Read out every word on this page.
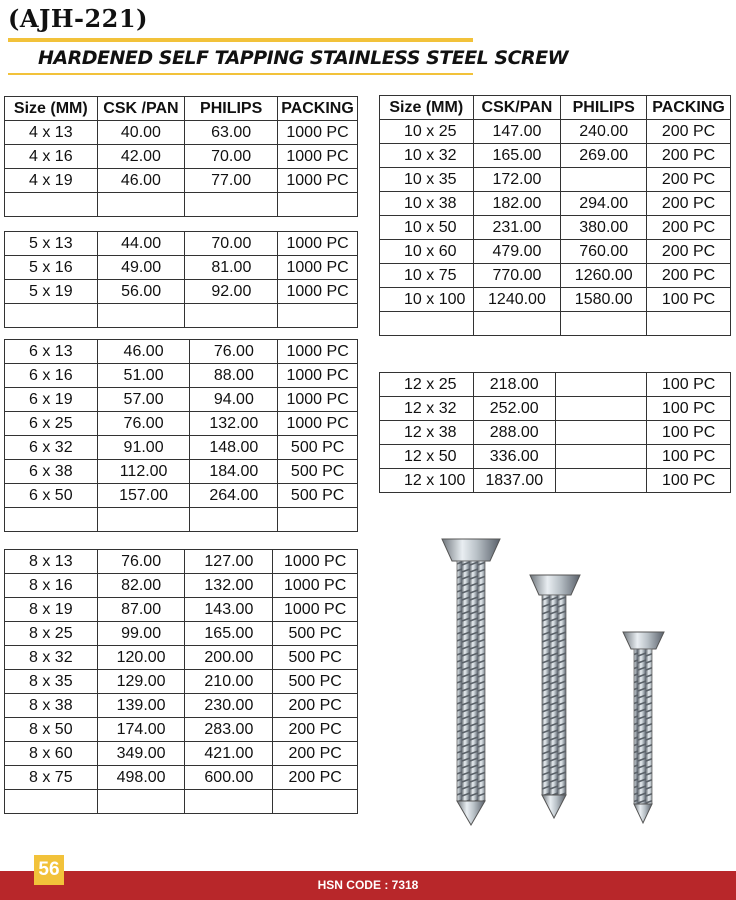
(AJH-221)
HARDENED SELF TAPPING STAINLESS STEEL SCREW
Size (MM)	CSK /PAN	PHILIPS	PACKING
4 x 13	40.00	63.00	1000 PC
4 x 16	42.00	70.00	1000 PC
4 x 19	46.00	77.00	1000 PC

5 x 13	44.00	70.00	1000 PC
5 x 16	49.00	81.00	1000 PC
5 x 19	56.00	92.00	1000 PC

6 x 13	46.00	76.00	1000 PC
6 x 16	51.00	88.00	1000 PC
6 x 19	57.00	94.00	1000 PC
6 x 25	76.00	132.00	1000 PC
6 x 32	91.00	148.00	500 PC
6 x 38	112.00	184.00	500 PC
6 x 50	157.00	264.00	500 PC

8 x 13	76.00	127.00	1000 PC
8 x 16	82.00	132.00	1000 PC
8 x 19	87.00	143.00	1000 PC
8 x 25	99.00	165.00	500 PC
8 x 32	120.00	200.00	500 PC
8 x 35	129.00	210.00	500 PC
8 x 38	139.00	230.00	200 PC
8 x 50	174.00	283.00	200 PC
8 x 60	349.00	421.00	200 PC
8 x 75	498.00	600.00	200 PC

Size (MM)	CSK/PAN	PHILIPS	PACKING
10 x 25	147.00	240.00	200 PC
10 x 32	165.00	269.00	200 PC
10 x 35	172.00		200 PC
10 x 38	182.00	294.00	200 PC
10 x 50	231.00	380.00	200 PC
10 x 60	479.00	760.00	200 PC
10 x 75	770.00	1260.00	200 PC
10 x 100	1240.00	1580.00	100 PC

12 x 25	218.00		100 PC
12 x 32	252.00		100 PC
12 x 38	288.00		100 PC
12 x 50	336.00		100 PC
12 x 100	1837.00		100 PC
HSN CODE : 7318
56
